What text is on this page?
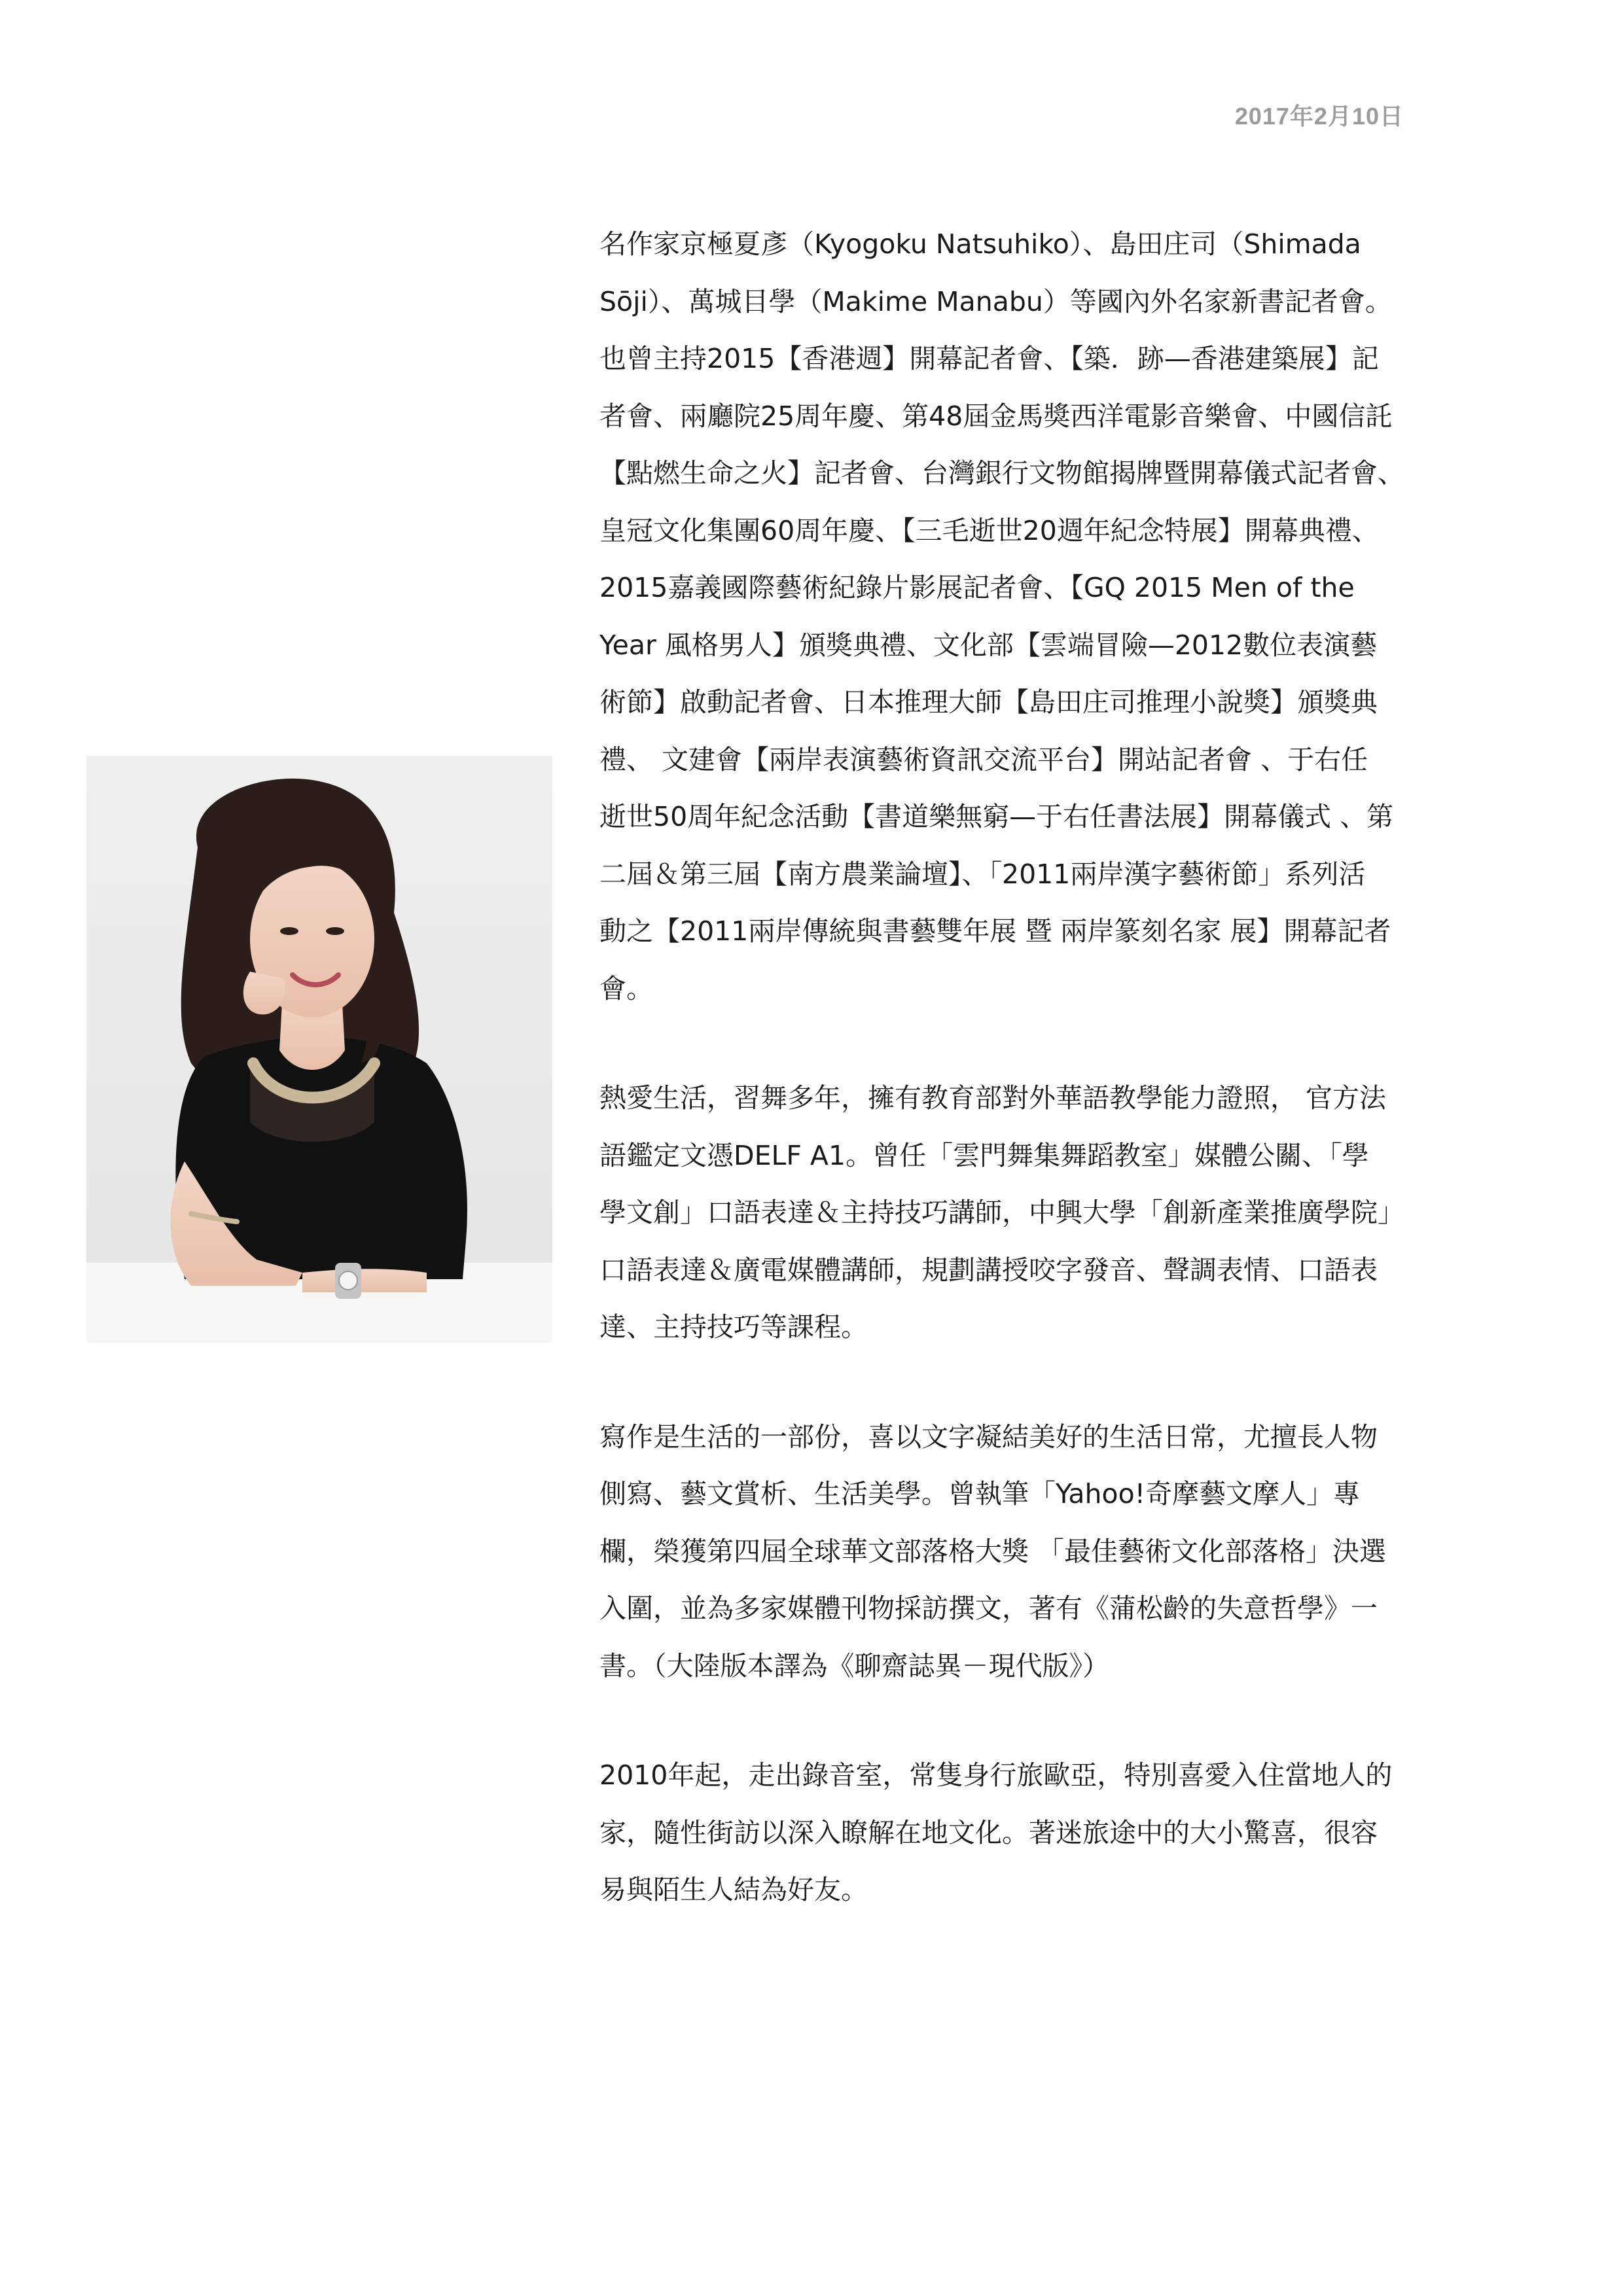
2017年2月10日
名作家京極夏彥（Kyogoku Natsuhiko）、島田庄司（Shimada
Sōji）、萬城目學（Makime Manabu）等國內外名家新書記者會。
也曾主持2015【香港週】開幕記者會、【築．跡—香港建築展】記
者會、兩廳院25周年慶、第48屆金馬獎西洋電影音樂會、中國信託
【點燃生命之火】記者會、台灣銀行文物館揭牌暨開幕儀式記者會、
皇冠文化集團60周年慶、【三毛逝世20週年紀念特展】開幕典禮、
2015嘉義國際藝術紀錄片影展記者會、【GQ 2015 Men of the
Year 風格男人】頒獎典禮、文化部【雲端冒險—2012數位表演藝
術節】啟動記者會、日本推理大師【島田庄司推理小說獎】頒獎典
禮、 文建會【兩岸表演藝術資訊交流平台】開站記者會 、于右任
逝世50周年紀念活動【書道樂無窮—于右任書法展】開幕儀式 、第
二屆＆第三屆【南方農業論壇】、「2011兩岸漢字藝術節」系列活
動之【2011兩岸傳統與書藝雙年展 暨 兩岸篆刻名家 展】開幕記者
會。
熱愛生活，習舞多年，擁有教育部對外華語教學能力證照， 官方法
語鑑定文憑DELF A1。曾任「雲門舞集舞蹈教室」媒體公關、「學
學文創」口語表達＆主持技巧講師，中興大學「創新產業推廣學院」
口語表達＆廣電媒體講師，規劃講授咬字發音、聲調表情、口語表
達、主持技巧等課程。
寫作是生活的一部份，喜以文字凝結美好的生活日常，尤擅長人物
側寫、藝文賞析、生活美學。曾執筆「Yahoo!奇摩藝文摩人」專
欄，榮獲第四屆全球華文部落格大獎 「最佳藝術文化部落格」決選
入圍，並為多家媒體刊物採訪撰文，著有《蒲松齡的失意哲學》一
書。（大陸版本譯為《聊齋誌異－現代版》）
2010年起，走出錄音室，常隻身行旅歐亞，特別喜愛入住當地人的
家，隨性街訪以深入瞭解在地文化。著迷旅途中的大小驚喜，很容
易與陌生人結為好友。
